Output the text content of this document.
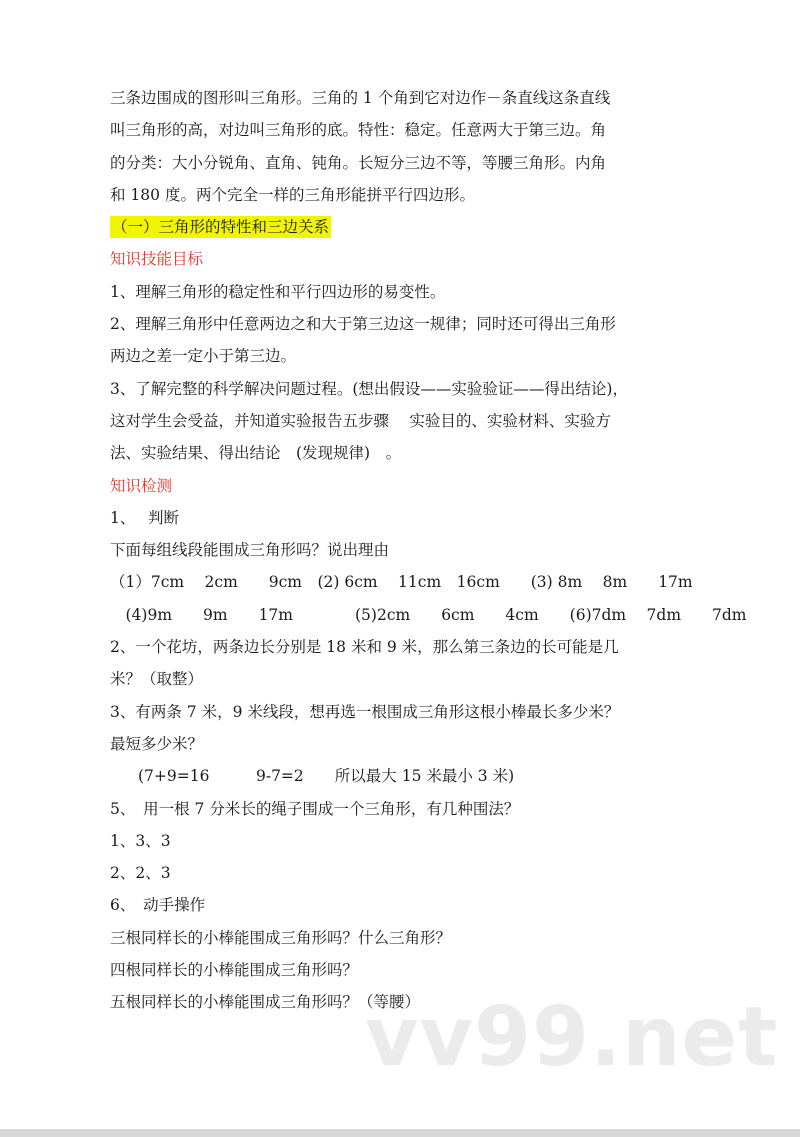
三条边围成的图形叫三角形。三角的 1 个角到它对边作－条直线这条直线
叫三角形的高，对边叫三角形的底。特性：稳定。任意两大于第三边。角
的分类：大小分锐角、直角、钝角。长短分三边不等，等腰三角形。内角
和 180 度。两个完全一样的三角形能拼平行四边形。
（一）三角形的特性和三边关系
知识技能目标
1、理解三角形的稳定性和平行四边形的易变性。
2、理解三角形中任意两边之和大于第三边这一规律；同时还可得出三角形
两边之差一定小于第三边。
3、了解完整的科学解决问题过程。(想出假设——实验验证——得出结论)，
这对学生会受益，并知道实验报告五步骤　 实验目的、实验材料、实验方
法、实验结果、得出结论　(发现规律)　。
知识检测
1、　 判断
下面每组线段能围成三角形吗？说出理由
（1）7cm　 2cm　　9cm　(2) 6cm　 11cm　16cm　　(3) 8m　 8m　　17m
　(4)9m　　9m　　17m　　　　(5)2cm　　6cm　　4cm　　(6)7dm　 7dm　　7dm
2、一个花坊，两条边长分别是 18 米和 9 米，那么第三条边的长可能是几
米？（取整）
3、有两条 7 米，9 米线段，想再选一根围成三角形这根小棒最长多少米？
最短多少米？
(7+9=16　　　9-7=2　　所以最大 15 米最小 3 米)
5、　用一根 7 分米长的绳子围成一个三角形，有几种围法？
1、3、3
2、2、3
6、　动手操作
三根同样长的小棒能围成三角形吗？什么三角形？
四根同样长的小棒能围成三角形吗？
五根同样长的小棒能围成三角形吗？（等腰）
vv99.net
